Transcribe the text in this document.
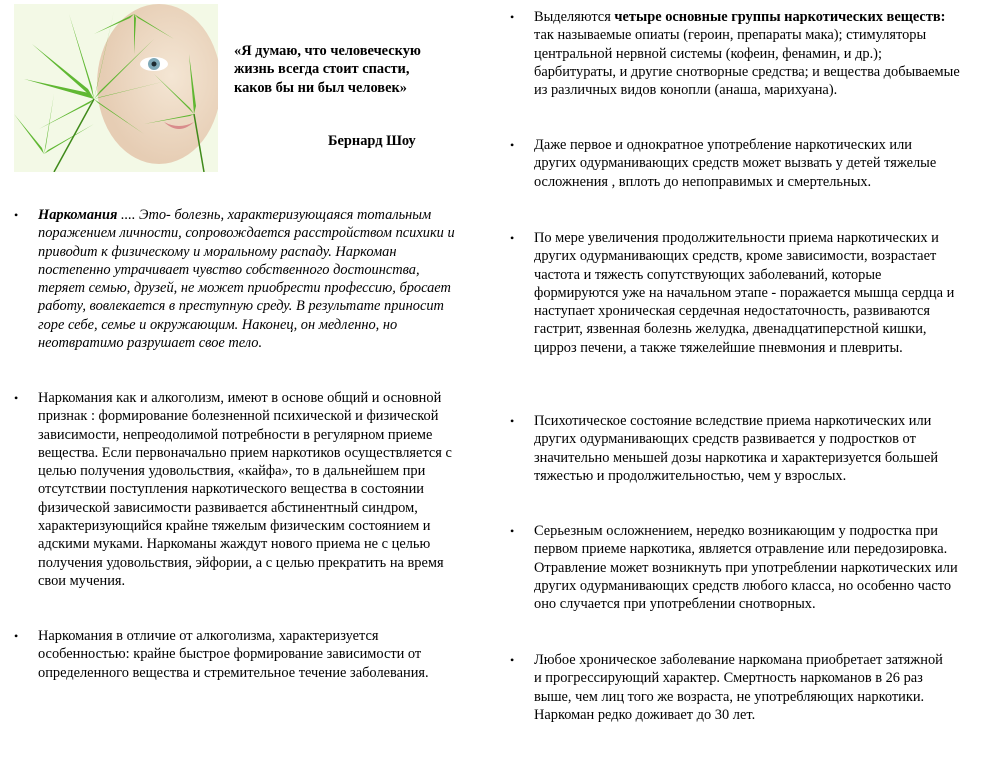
«Я думаю, что человеческую жизнь всегда стоит спасти, каков бы ни был человек»
Бернард Шоу
• Наркомания .... Это- болезнь, характеризующаяся тотальным поражением личности, сопровождается расстройством психики и приводит к физическому и моральному распаду. Наркоман постепенно утрачивает чувство собственного достоинства, теряет семью, друзей, не может приобрести профессию, бросает работу, вовлекается в преступную среду. В результате приносит горе себе, семье и окружающим. Наконец, он медленно, но неотвратимо разрушает свое тело.
• Наркомания как и алкоголизм, имеют в основе общий и основной признак : формирование болезненной психической и физической зависимости, непреодолимой потребности в регулярном приеме вещества. Если первоначально прием наркотиков осуществляется с целью получения удовольствия, «кайфа», то в дальнейшем при отсутствии поступления наркотического вещества в состоянии физической зависимости развивается абстинентный синдром, характеризующийся крайне тяжелым физическим состоянием и адскими муками. Наркоманы жаждут нового приема не с целью получения удовольствия, эйфории, а с целью прекратить на время свои мучения.
• Наркомания в отличие от алкоголизма, характеризуется особенностью: крайне быстрое формирование зависимости от определенного вещества и стремительное течение заболевания.
• Выделяются четыре основные группы наркотических веществ: так называемые опиаты (героин, препараты мака); стимуляторы центральной нервной системы (кофеин, фенамин, и др.); барбитураты, и другие снотворные средства; и вещества добываемые из различных видов конопли (анаша, марихуана).
• Даже первое и однократное употребление наркотических или других одурманивающих средств может вызвать у детей тяжелые осложнения , вплоть до непоправимых и смертельных.
• По мере увеличения продолжительности приема наркотических и других одурманивающих средств, кроме зависимости, возрастает частота и тяжесть сопутствующих заболеваний, которые формируются уже на начальном этапе - поражается мышца сердца и наступает хроническая сердечная недостаточность, развиваются гастрит, язвенная болезнь желудка, двенадцатиперстной кишки, цирроз печени, а также тяжелейшие пневмония и плевриты.
• Психотическое состояние вследствие приема наркотических или других одурманивающих средств развивается у подростков от значительно меньшей дозы наркотика и характеризуется большей тяжестью и продолжительностью, чем у взрослых.
• Серьезным осложнением, нередко возникающим у подростка при первом приеме наркотика, является отравление или передозировка. Отравление может возникнуть при употреблении наркотических или других одурманивающих средств любого класса, но особенно часто оно случается при употреблении снотворных.
• Любое хроническое заболевание наркомана приобретает затяжной и прогрессирующий характер. Смертность наркоманов в 26 раз выше, чем лиц того же возраста, не употребляющих наркотики. Наркоман редко доживает до 30 лет.
